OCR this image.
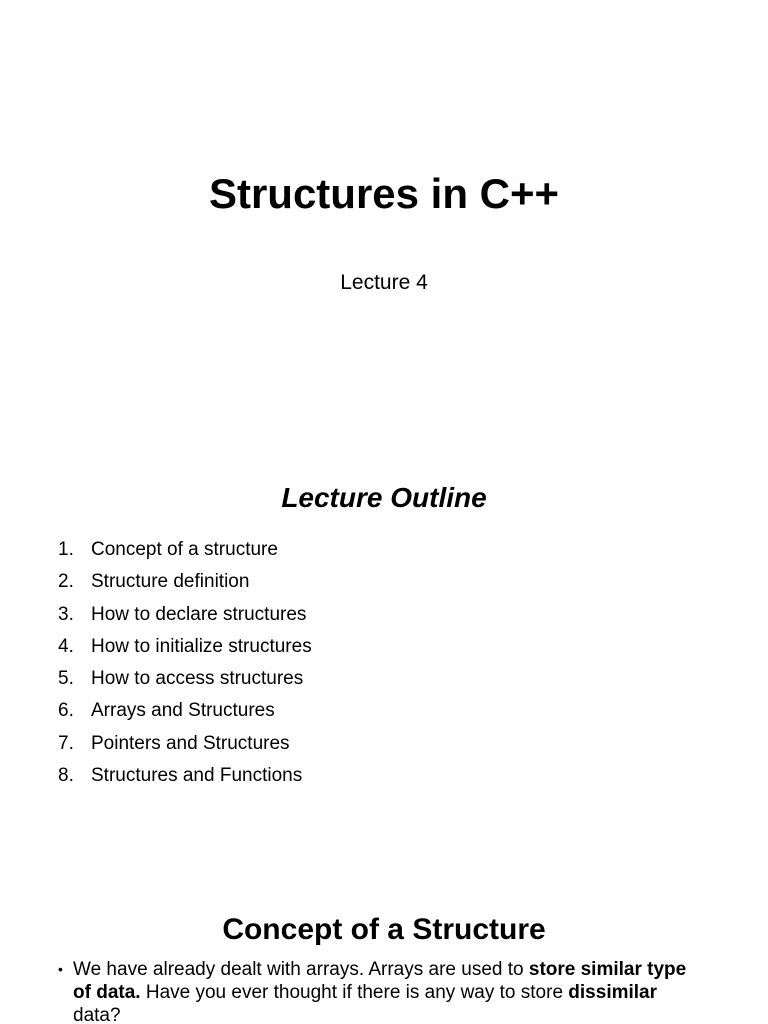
Structures in C++

Lecture 4

Lecture Outline
1. Concept of a structure
2. Structure definition
3. How to declare structures
4. How to initialize structures
5. How to access structures
6. Arrays and Structures
7. Pointers and Structures
8. Structures and Functions
Concept of a Structure
• We have already dealt with arrays. Arrays are used to store similar type of data. Have you ever thought if there is any way to store dissimilar data?
